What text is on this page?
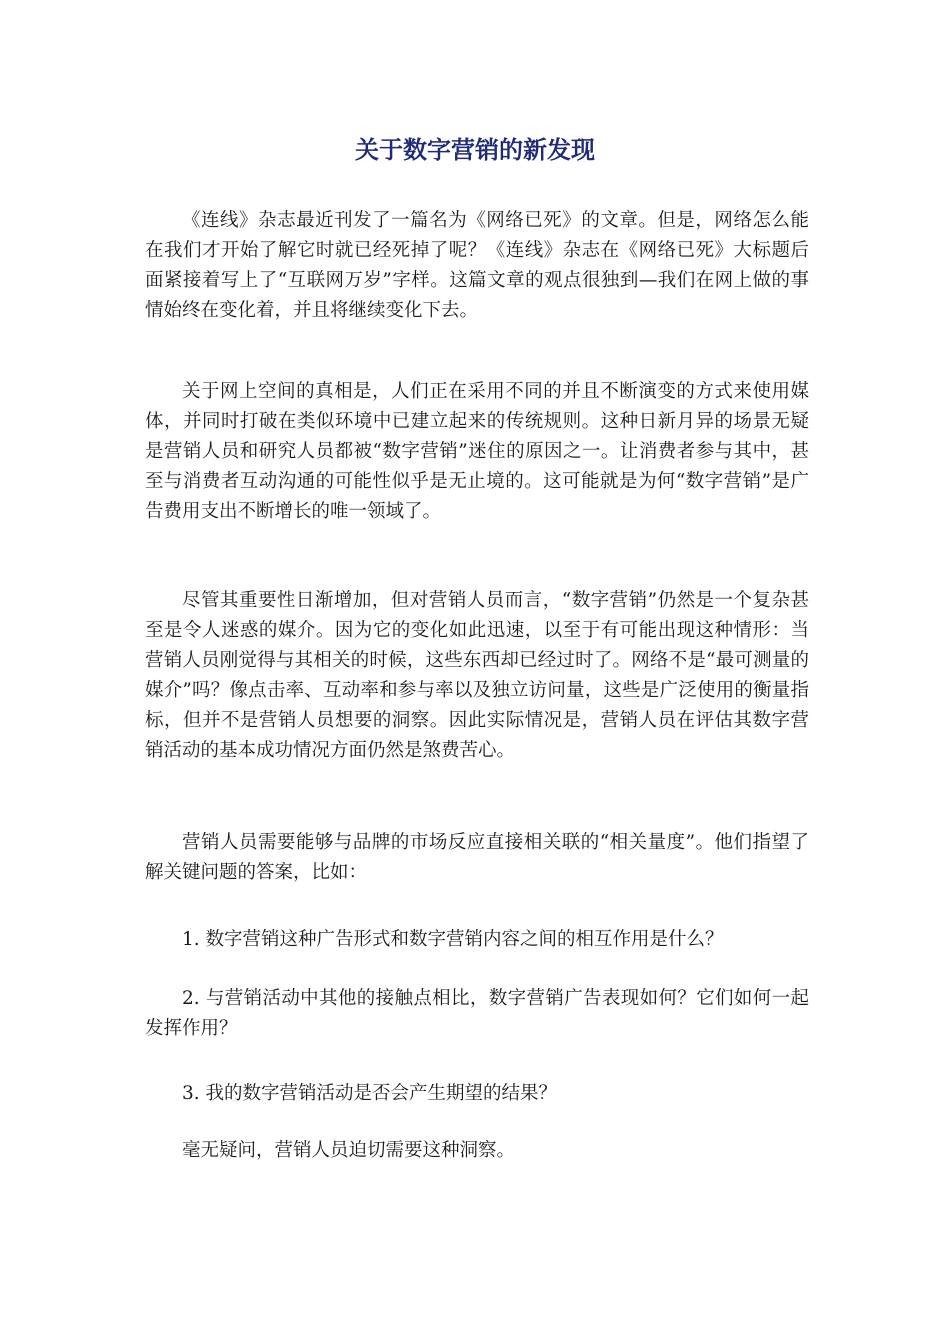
关于数字营销的新发现

《连线》杂志最近刊发了一篇名为《网络已死》的文章。但是，网络怎么能在我们才开始了解它时就已经死掉了呢？《连线》杂志在《网络已死》大标题后面紧接着写上了“互联网万岁”字样。这篇文章的观点很独到—我们在网上做的事情始终在变化着，并且将继续变化下去。

关于网上空间的真相是，人们正在采用不同的并且不断演变的方式来使用媒体，并同时打破在类似环境中已建立起来的传统规则。这种日新月异的场景无疑是营销人员和研究人员都被“数字营销”迷住的原因之一。让消费者参与其中，甚至与消费者互动沟通的可能性似乎是无止境的。这可能就是为何“数字营销”是广告费用支出不断增长的唯一领域了。

尽管其重要性日渐增加，但对营销人员而言，“数字营销”仍然是一个复杂甚至是令人迷惑的媒介。因为它的变化如此迅速，以至于有可能出现这种情形：当营销人员刚觉得与其相关的时候，这些东西却已经过时了。网络不是“最可测量的媒介”吗？像点击率、互动率和参与率以及独立访问量，这些是广泛使用的衡量指标，但并不是营销人员想要的洞察。因此实际情况是，营销人员在评估其数字营销活动的基本成功情况方面仍然是煞费苦心。

营销人员需要能够与品牌的市场反应直接相关联的“相关量度”。他们指望了解关键问题的答案，比如：

1. 数字营销这种广告形式和数字营销内容之间的相互作用是什么？

2. 与营销活动中其他的接触点相比，数字营销广告表现如何？它们如何一起发挥作用？

3. 我的数字营销活动是否会产生期望的结果？

毫无疑问，营销人员迫切需要这种洞察。
